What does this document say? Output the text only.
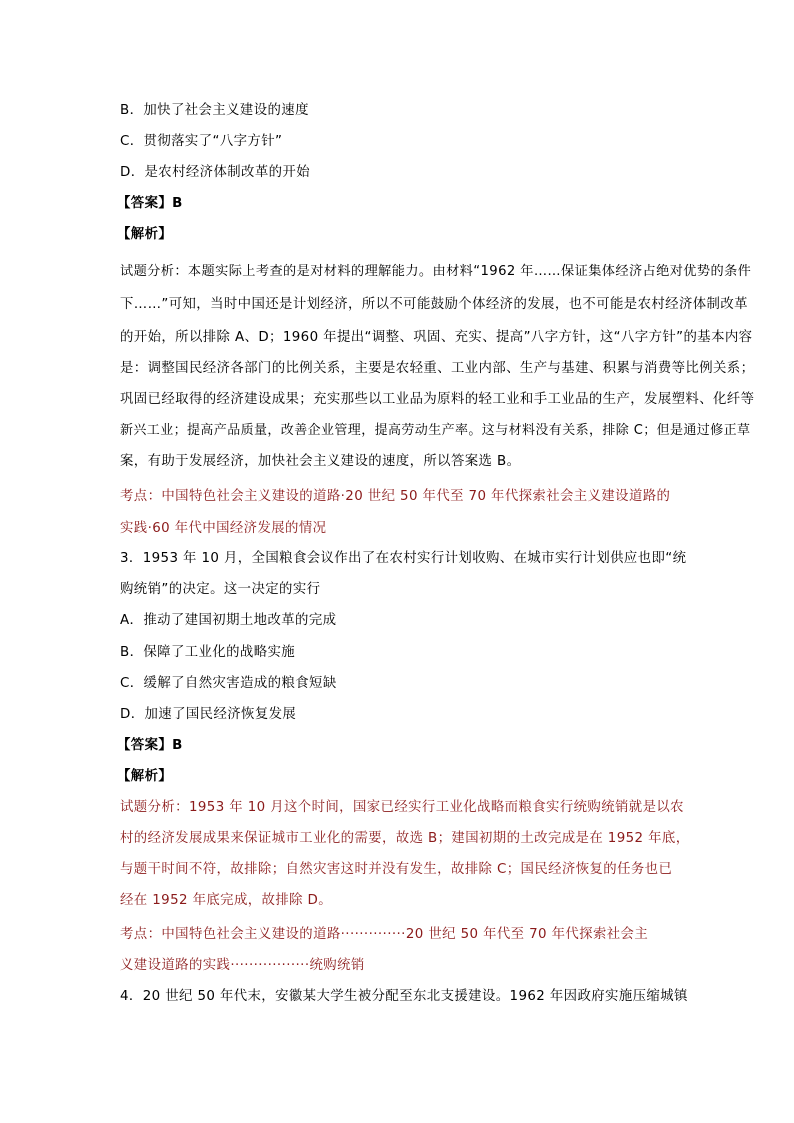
B．加快了社会主义建设的速度
C．贯彻落实了“八字方针”
D．是农村经济体制改革的开始
【答案】B
【解析】
试题分析：本题实际上考查的是对材料的理解能力。由材料“1962 年……保证集体经济占绝对优势的条件
下……”可知，当时中国还是计划经济，所以不可能鼓励个体经济的发展，也不可能是农村经济体制改革
的开始，所以排除 A、D；1960 年提出“调整、巩固、充实、提高”八字方针，这“八字方针”的基本内容
是：调整国民经济各部门的比例关系，主要是农轻重、工业内部、生产与基建、积累与消费等比例关系；
巩固已经取得的经济建设成果；充实那些以工业品为原料的轻工业和手工业品的生产，发展塑料、化纤等
新兴工业；提高产品质量，改善企业管理，提高劳动生产率。这与材料没有关系，排除 C；但是通过修正草
案，有助于发展经济，加快社会主义建设的速度，所以答案选 B。
考点：中国特色社会主义建设的道路·20 世纪 50 年代至 70 年代探索社会主义建设道路的
实践·60 年代中国经济发展的情况
3．1953 年 10 月，全国粮食会议作出了在农村实行计划收购、在城市实行计划供应也即“统
购统销”的决定。这一决定的实行
A．推动了建国初期土地改革的完成
B．保障了工业化的战略实施
C．缓解了自然灾害造成的粮食短缺
D．加速了国民经济恢复发展
【答案】B
【解析】
试题分析：1953 年 10 月这个时间，国家已经实行工业化战略而粮食实行统购统销就是以农
村的经济发展成果来保证城市工业化的需要，故选 B；建国初期的土改完成是在 1952 年底，
与题干时间不符，故排除；自然灾害这时并没有发生，故排除 C；国民经济恢复的任务也已
经在 1952 年底完成，故排除 D。
考点：中国特色社会主义建设的道路··············20 世纪 50 年代至 70 年代探索社会主
义建设道路的实践·················统购统销
4．20 世纪 50 年代末，安徽某大学生被分配至东北支援建设。1962 年因政府实施压缩城镇
